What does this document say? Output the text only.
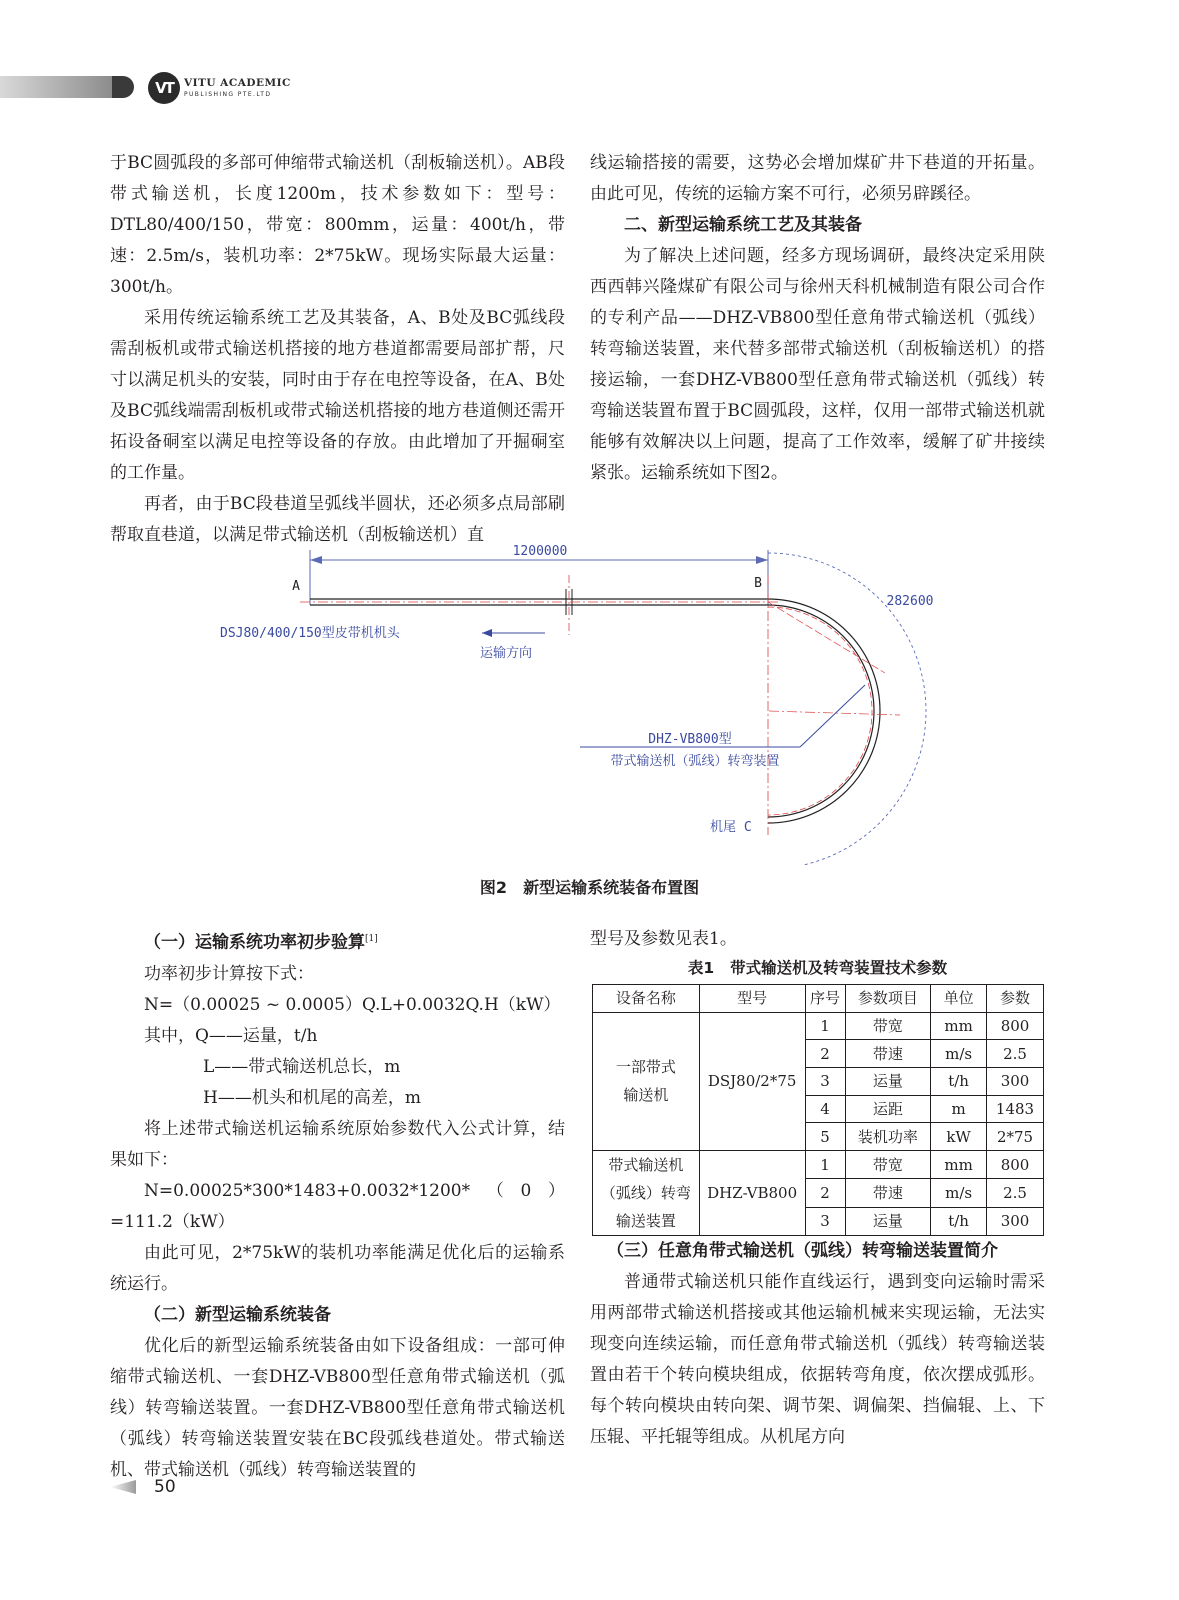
VT	VITU ACADEMIC
PUBLISHING PTE.LTD

于BC圆弧段的多部可伸缩带式输送机（刮板输送机）。AB段带式输送机，长度1200m，技术参数如下：型号：DTL80/400/150，带宽：800mm，运量：400t/h，带速：2.5m/s，装机功率：2*75kW。现场实际最大运量：300t/h。

采用传统运输系统工艺及其装备，A、B处及BC弧线段需刮板机或带式输送机搭接的地方巷道都需要局部扩帮，尺寸以满足机头的安装，同时由于存在电控等设备，在A、B处及BC弧线端需刮板机或带式输送机搭接的地方巷道侧还需开拓设备硐室以满足电控等设备的存放。由此增加了开掘硐室的工作量。

再者，由于BC段巷道呈弧线半圆状，还必须多点局部刷帮取直巷道，以满足带式输送机（刮板输送机）直

线运输搭接的需要，这势必会增加煤矿井下巷道的开拓量。由此可见，传统的运输方案不可行，必须另辟蹊径。

二、新型运输系统工艺及其装备

为了解决上述问题，经多方现场调研，最终决定采用陕西西韩兴隆煤矿有限公司与徐州天科机械制造有限公司合作的专利产品——DHZ-VB800型任意角带式输送机（弧线）转弯输送装置，来代替多部带式输送机（刮板输送机）的搭接运输，一套DHZ-VB800型任意角带式输送机（弧线）转弯输送装置布置于BC圆弧段，这样，仅用一部带式输送机就能够有效解决以上问题，提高了工作效率，缓解了矿井接续紧张。运输系统如下图2。

1200000
A	B
282600
DSJ80/400/150型皮带机机头
运输方向
DHZ-VB800型
带式输送机（弧线）转弯装置
机尾 C
图2 新型运输系统装备布置图

（一）运输系统功率初步验算[1]

功率初步计算按下式：

N=（0.00025 ~ 0.0005）Q.L+0.0032Q.H（kW）

其中，Q——运量，t/h

L——带式输送机总长，m

H——机头和机尾的高差，m

将上述带式输送机运输系统原始参数代入公式计算，结果如下：

N=0.00025*300*1483+0.0032*1200*（0）=111.2（kW）

由此可见，2*75kW的装机功率能满足优化后的运输系统运行。

（二）新型运输系统装备

优化后的新型运输系统装备由如下设备组成：一部可伸缩带式输送机、一套DHZ-VB800型任意角带式输送机（弧线）转弯输送装置。一套DHZ-VB800型任意角带式输送机（弧线）转弯输送装置安装在BC段弧线巷道处。带式输送机、带式输送机（弧线）转弯输送装置的

型号及参数见表1。

表1 带式输送机及转弯装置技术参数
设备名称	型号	序号	参数项目	单位	参数
一部带式输送机	DSJ80/2*75	1	带宽	mm	800
		2	带速	m/s	2.5
		3	运量	t/h	300
		4	运距	m	1483
		5	装机功率	kW	2*75
带式输送机（弧线）转弯输送装置	DHZ-VB800	1	带宽	mm	800
		2	带速	m/s	2.5
		3	运量	t/h	300

（三）任意角带式输送机（弧线）转弯输送装置简介

普通带式输送机只能作直线运行，遇到变向运输时需采用两部带式输送机搭接或其他运输机械来实现运输，无法实现变向连续运输，而任意角带式输送机（弧线）转弯输送装置由若干个转向模块组成，依据转弯角度，依次摆成弧形。每个转向模块由转向架、调节架、调偏架、挡偏辊、上、下压辊、平托辊等组成。从机尾方向

50
